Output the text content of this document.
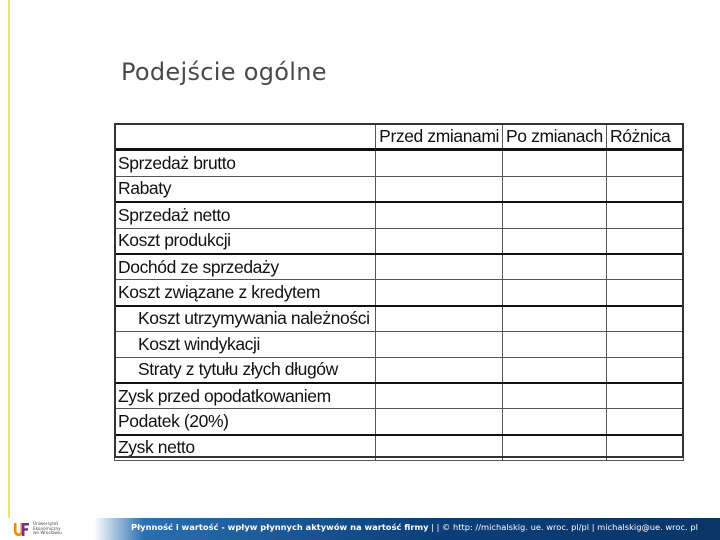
Podejście ogólne
	Przed zmianami	Po zmianach	Różnica
Sprzedaż brutto			
Rabaty			
Sprzedaż netto			
Koszt produkcji			
Dochód ze sprzedaży			
Koszt związane z kredytem			
Koszt utrzymywania należności			
Koszt windykacji			
Straty z tytułu złych długów			
Zysk przed opodatkowaniem			
Podatek (20%)			
Zysk netto			
Uniwersytet Ekonomiczny
we Wrocławiu
Płynność i wartość - wpływ płynnych aktywów na wartość firmy | | © http: //michalskig. ue. wroc. pl/pl | michalskig@ue. wroc. pl
